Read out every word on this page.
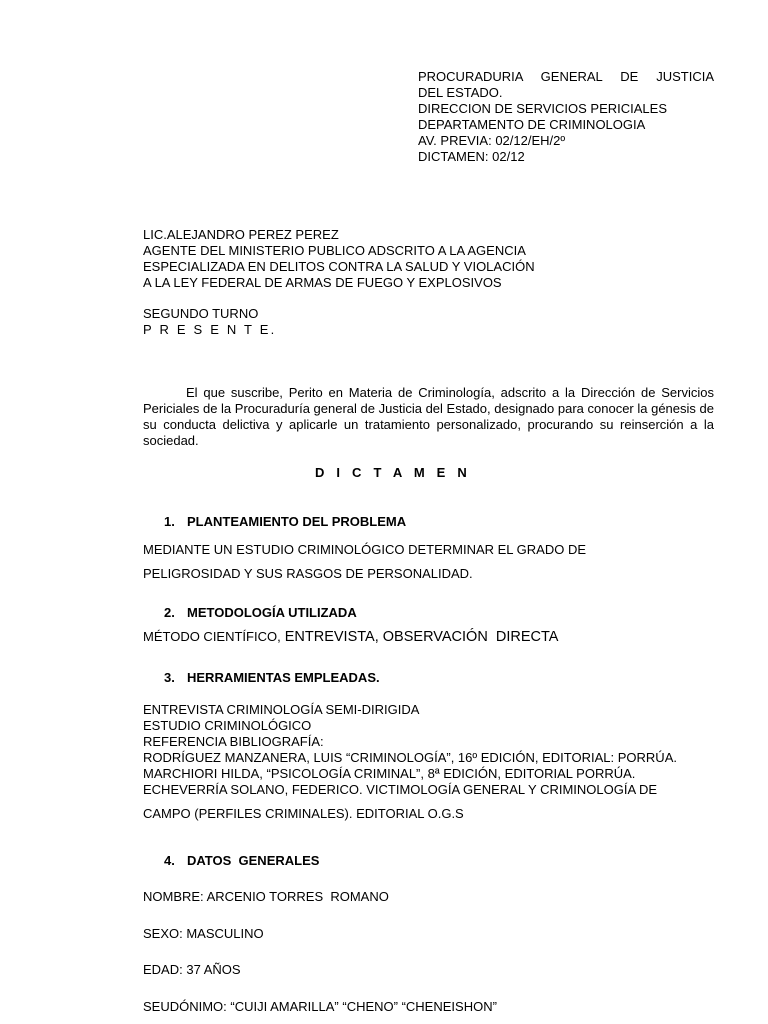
PROCURADURIA GENERAL DE JUSTICIA
DEL ESTADO.
DIRECCION DE SERVICIOS PERICIALES
DEPARTAMENTO DE CRIMINOLOGIA
AV. PREVIA: 02/12/EH/2º
DICTAMEN: 02/12
LIC.ALEJANDRO PEREZ PEREZ
AGENTE DEL MINISTERIO PUBLICO ADSCRITO A LA AGENCIA
ESPECIALIZADA EN DELITOS CONTRA LA SALUD Y VIOLACIÓN
A LA LEY FEDERAL DE ARMAS DE FUEGO Y EXPLOSIVOS
SEGUNDO TURNO
P R E S E N T E.

El que suscribe, Perito en Materia de Criminología, adscrito a la Dirección de Servicios Periciales de la Procuraduría general de Justicia del Estado, designado para conocer la génesis de su conducta delictiva y aplicarle un tratamiento personalizado, procurando su reinserción a la sociedad.

D I C T A M E N
1. PLANTEAMIENTO DEL PROBLEMA
MEDIANTE UN ESTUDIO CRIMINOLÓGICO DETERMINAR EL GRADO DE
PELIGROSIDAD Y SUS RASGOS DE PERSONALIDAD.
2. METODOLOGÍA UTILIZADA
MÉTODO CIENTÍFICO, ENTREVISTA, OBSERVACIÓN  DIRECTA
3. HERRAMIENTAS EMPLEADAS.
ENTREVISTA CRIMINOLOGÍA SEMI-DIRIGIDA
ESTUDIO CRIMINOLÓGICO
REFERENCIA BIBLIOGRAFÍA:
RODRÍGUEZ MANZANERA, LUIS “CRIMINOLOGÍA”, 16º EDICIÓN, EDITORIAL: PORRÚA.
MARCHIORI HILDA, “PSICOLOGÍA CRIMINAL”, 8ª EDICIÓN, EDITORIAL PORRÚA.
ECHEVERRÍA SOLANO, FEDERICO. VICTIMOLOGÍA GENERAL Y CRIMINOLOGÍA DE
CAMPO (PERFILES CRIMINALES). EDITORIAL O.G.S
4. DATOS  GENERALES
NOMBRE: ARCENIO TORRES  ROMANO
SEXO: MASCULINO
EDAD: 37 AÑOS
SEUDÓNIMO: “CUIJI AMARILLA” “CHENO” “CHENEISHON”
